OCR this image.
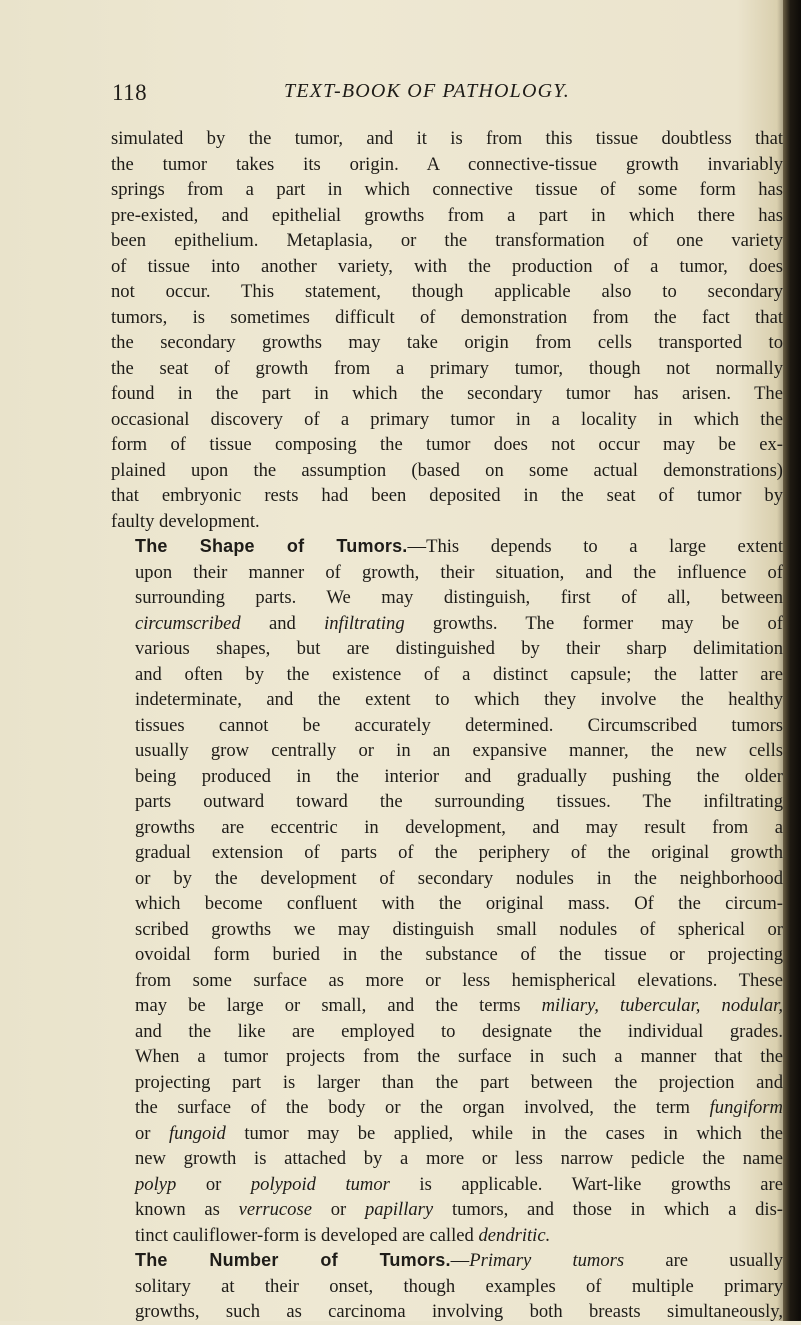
118	TEXT-BOOK OF PATHOLOGY.

simulated by the tumor, and it is from this tissue doubtless that
the tumor takes its origin. A connective-tissue growth invariably
springs from a part in which connective tissue of some form has
pre-existed, and epithelial growths from a part in which there has
been epithelium. Metaplasia, or the transformation of one variety
of tissue into another variety, with the production of a tumor, does
not occur. This statement, though applicable also to secondary
tumors, is sometimes difficult of demonstration from the fact that
the secondary growths may take origin from cells transported to
the seat of growth from a primary tumor, though not normally
found in the part in which the secondary tumor has arisen. The
occasional discovery of a primary tumor in a locality in which the
form of tissue composing the tumor does not occur may be ex-
plained upon the assumption (based on some actual demonstrations)
that embryonic rests had been deposited in the seat of tumor by
faulty development.

The Shape of Tumors.—This depends to a large extent
upon their manner of growth, their situation, and the influence of
surrounding parts. We may distinguish, first of all, between
circumscribed and infiltrating growths. The former may be of
various shapes, but are distinguished by their sharp delimitation
and often by the existence of a distinct capsule; the latter are
indeterminate, and the extent to which they involve the healthy
tissues cannot be accurately determined. Circumscribed tumors
usually grow centrally or in an expansive manner, the new cells
being produced in the interior and gradually pushing the older
parts outward toward the surrounding tissues. The infiltrating
growths are eccentric in development, and may result from a
gradual extension of parts of the periphery of the original growth
or by the development of secondary nodules in the neighborhood
which become confluent with the original mass. Of the circum-
scribed growths we may distinguish small nodules of spherical or
ovoidal form buried in the substance of the tissue or projecting
from some surface as more or less hemispherical elevations. These
may be large or small, and the terms miliary, tubercular, nodular,
and the like are employed to designate the individual grades.
When a tumor projects from the surface in such a manner that the
projecting part is larger than the part between the projection and
the surface of the body or the organ involved, the term fungiform
or fungoid tumor may be applied, while in the cases in which the
new growth is attached by a more or less narrow pedicle the name
polyp or polypoid tumor is applicable. Wart-like growths are
known as verrucose or papillary tumors, and those in which a dis-
tinct cauliflower-form is developed are called dendritic.

The Number of Tumors.—Primary tumors are usually
solitary at their onset, though examples of multiple primary
growths, such as carcinoma involving both breasts simultaneously,
